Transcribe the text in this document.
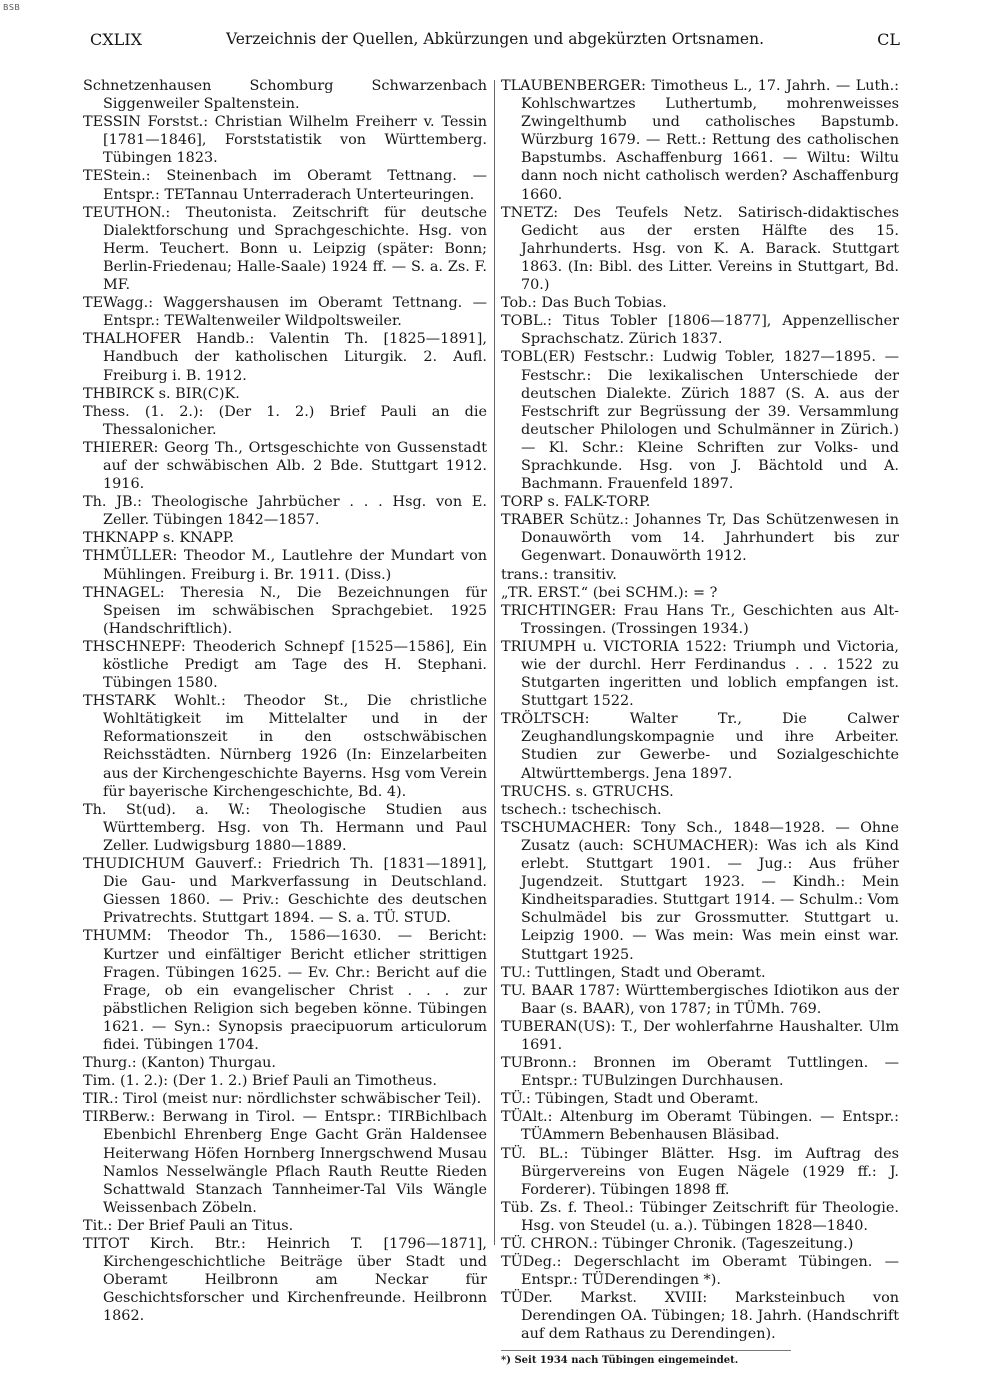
BSB
CXLIX	Verzeichnis der Quellen, Abkürzungen und abgekürzten Ortsnamen.	CL

Schnetzenhausen Schomburg Schwarzenbach Siggenweiler Spaltenstein.

TESSIN Forstst.: Christian Wilhelm Freiherr v. Tessin [1781—1846], Forststatistik von Württemberg. Tübingen 1823.

TEStein.: Steinenbach im Oberamt Tettnang. — Entspr.: TETannau Unterraderach Unterteuringen.

TEUTHON.: Theutonista. Zeitschrift für deutsche Dialektforschung und Sprachgeschichte. Hsg. von Herm. Teuchert. Bonn u. Leipzig (später: Bonn; Berlin-Friedenau; Halle-Saale) 1924 ff. — S. a. Zs. F. MF.

TEWagg.: Waggershausen im Oberamt Tettnang. — Entspr.: TEWaltenweiler Wildpoltsweiler.

THALHOFER Handb.: Valentin Th. [1825—1891], Handbuch der katholischen Liturgik. 2. Aufl. Freiburg i. B. 1912.

THBIRCK s. BIR(C)K.

Thess. (1. 2.): (Der 1. 2.) Brief Pauli an die Thessalonicher.

THIERER: Georg Th., Ortsgeschichte von Gussenstadt auf der schwäbischen Alb. 2 Bde. Stuttgart 1912. 1916.

Th. JB.: Theologische Jahrbücher . . . Hsg. von E. Zeller. Tübingen 1842—1857.

THKNAPP s. KNAPP.

THMÜLLER: Theodor M., Lautlehre der Mundart von Mühlingen. Freiburg i. Br. 1911. (Diss.)

THNAGEL: Theresia N., Die Bezeichnungen für Speisen im schwäbischen Sprachgebiet. 1925 (Handschriftlich).

THSCHNEPF: Theoderich Schnepf [1525—1586], Ein köstliche Predigt am Tage des H. Stephani. Tübingen 1580.

THSTARK Wohlt.: Theodor St., Die christliche Wohltätigkeit im Mittelalter und in der Reformationszeit in den ostschwäbischen Reichsstädten. Nürnberg 1926 (In: Einzelarbeiten aus der Kirchengeschichte Bayerns. Hsg vom Verein für bayerische Kirchengeschichte, Bd. 4).

Th. St(ud). a. W.: Theologische Studien aus Württemberg. Hsg. von Th. Hermann und Paul Zeller. Ludwigsburg 1880—1889.

THUDICHUM Gauverf.: Friedrich Th. [1831—1891], Die Gau- und Markverfassung in Deutschland. Giessen 1860. — Priv.: Geschichte des deutschen Privatrechts. Stuttgart 1894. — S. a. TÜ. STUD.

THUMM: Theodor Th., 1586—1630. — Bericht: Kurtzer und einfältiger Bericht etlicher strittigen Fragen. Tübingen 1625. — Ev. Chr.: Bericht auf die Frage, ob ein evangelischer Christ . . . zur päbstlichen Religion sich begeben könne. Tübingen 1621. — Syn.: Synopsis praecipuorum articulorum fidei. Tübingen 1704.

Thurg.: (Kanton) Thurgau.

Tim. (1. 2.): (Der 1. 2.) Brief Pauli an Timotheus.

TIR.: Tirol (meist nur: nördlichster schwäbischer Teil).

TIRBerw.: Berwang in Tirol. — Entspr.: TIRBichlbach Ebenbichl Ehrenberg Enge Gacht Grän Haldensee Heiterwang Höfen Hornberg Innergschwend Musau Namlos Nesselwängle Pflach Rauth Reutte Rieden Schattwald Stanzach Tannheimer-Tal Vils Wängle Weissenbach Zöbeln.

Tit.: Der Brief Pauli an Titus.

TITOT Kirch. Btr.: Heinrich T. [1796—1871], Kirchengeschichtliche Beiträge über Stadt und Oberamt Heilbronn am Neckar für Geschichtsforscher und Kirchenfreunde. Heilbronn 1862.

TLAUBENBERGER: Timotheus L., 17. Jahrh. — Luth.: Kohlschwartzes Luthertumb, mohrenweisses Zwingelthumb und catholisches Bapstumb. Würzburg 1679. — Rett.: Rettung des catholischen Bapstumbs. Aschaffenburg 1661. — Wiltu: Wiltu dann noch nicht catholisch werden? Aschaffenburg 1660.

TNETZ: Des Teufels Netz. Satirisch-didaktisches Gedicht aus der ersten Hälfte des 15. Jahrhunderts. Hsg. von K. A. Barack. Stuttgart 1863. (In: Bibl. des Litter. Vereins in Stuttgart, Bd. 70.)

Tob.: Das Buch Tobias.

TOBL.: Titus Tobler [1806—1877], Appenzellischer Sprachschatz. Zürich 1837.

TOBL(ER) Festschr.: Ludwig Tobler, 1827—1895. — Festschr.: Die lexikalischen Unterschiede der deutschen Dialekte. Zürich 1887 (S. A. aus der Festschrift zur Begrüssung der 39. Versammlung deutscher Philologen und Schulmänner in Zürich.) — Kl. Schr.: Kleine Schriften zur Volks- und Sprachkunde. Hsg. von J. Bächtold und A. Bachmann. Frauenfeld 1897.

TORP s. FALK-TORP.

TRABER Schütz.: Johannes Tr, Das Schützenwesen in Donauwörth vom 14. Jahrhundert bis zur Gegenwart. Donauwörth 1912.

trans.: transitiv.

„TR. ERST.“ (bei SCHM.): = ?

TRICHTINGER: Frau Hans Tr., Geschichten aus Alt-Trossingen. (Trossingen 1934.)

TRIUMPH u. VICTORIA 1522: Triumph und Victoria, wie der durchl. Herr Ferdinandus . . . 1522 zu Stutgarten ingeritten und loblich empfangen ist. Stuttgart 1522.

TRÖLTSCH: Walter Tr., Die Calwer Zeughandlungskompagnie und ihre Arbeiter. Studien zur Gewerbe- und Sozialgeschichte Altwürttembergs. Jena 1897.

TRUCHS. s. GTRUCHS.

tschech.: tschechisch.

TSCHUMACHER: Tony Sch., 1848—1928. — Ohne Zusatz (auch: SCHUMACHER): Was ich als Kind erlebt. Stuttgart 1901. — Jug.: Aus früher Jugendzeit. Stuttgart 1923. — Kindh.: Mein Kindheitsparadies. Stuttgart 1914. — Schulm.: Vom Schulmädel bis zur Grossmutter. Stuttgart u. Leipzig 1900. — Was mein: Was mein einst war. Stuttgart 1925.

TU.: Tuttlingen, Stadt und Oberamt.

TU. BAAR 1787: Württembergisches Idiotikon aus der Baar (s. BAAR), von 1787; in TÜMh. 769.

TUBERAN(US): T., Der wohlerfahrne Haushalter. Ulm 1691.

TUBronn.: Bronnen im Oberamt Tuttlingen. — Entspr.: TUBulzingen Durchhausen.

TÜ.: Tübingen, Stadt und Oberamt.

TÜAlt.: Altenburg im Oberamt Tübingen. — Entspr.: TÜAmmern Bebenhausen Bläsibad.

TÜ. BL.: Tübinger Blätter. Hsg. im Auftrag des Bürgervereins von Eugen Nägele (1929 ff.: J. Forderer). Tübingen 1898 ff.

Tüb. Zs. f. Theol.: Tübinger Zeitschrift für Theologie. Hsg. von Steudel (u. a.). Tübingen 1828—1840.

TÜ. CHRON.: Tübinger Chronik. (Tageszeitung.)

TÜDeg.: Degerschlacht im Oberamt Tübingen. — Entspr.: TÜDerendingen *).

TÜDer. Markst. XVIII: Marksteinbuch von Derendingen OA. Tübingen; 18. Jahrh. (Handschrift auf dem Rathaus zu Derendingen).

*) Seit 1934 nach Tübingen eingemeindet.
